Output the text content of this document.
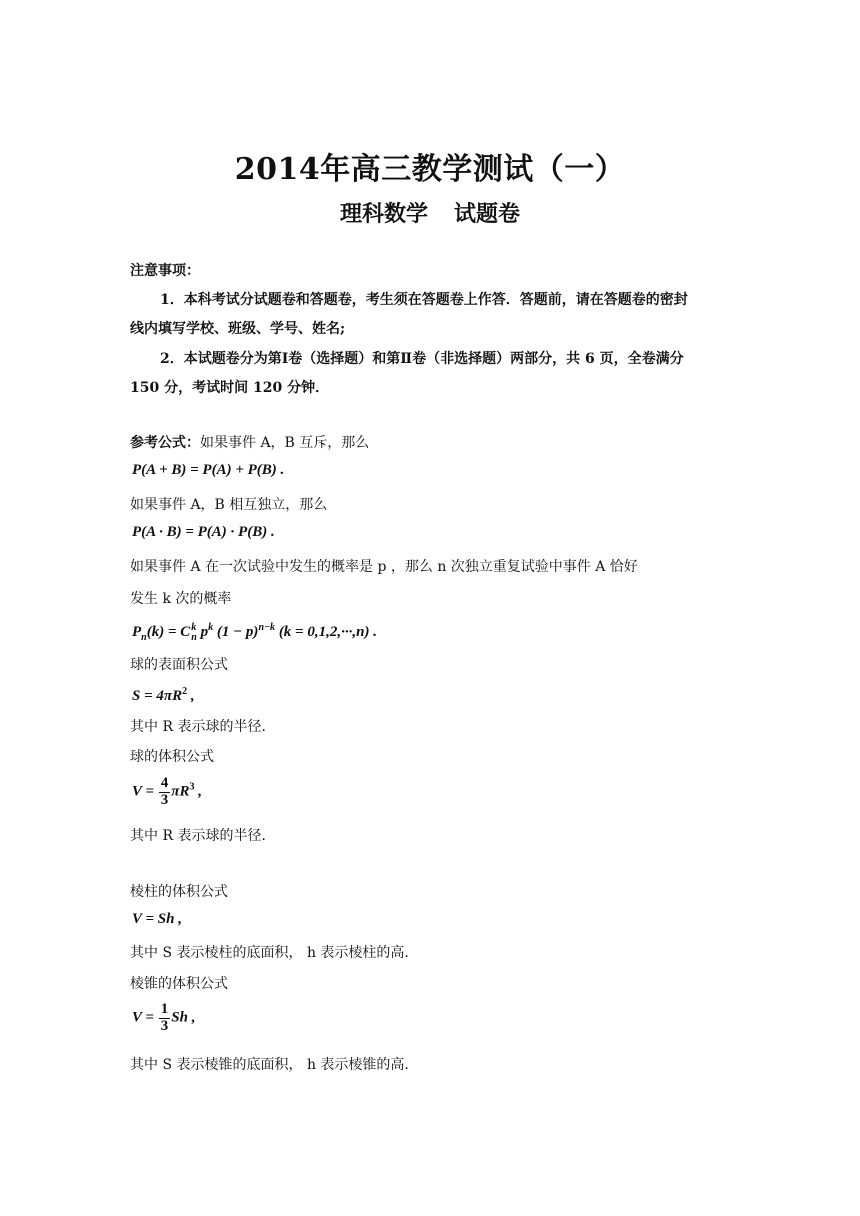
2014年高三教学测试（一）
理科数学 试题卷
注意事项：
1．本科考试分试题卷和答题卷，考生须在答题卷上作答．答题前，请在答题卷的密封
线内填写学校、班级、学号、姓名;
2．本试题卷分为第Ⅰ卷（选择题）和第Ⅱ卷（非选择题）两部分，共 6 页，全卷满分
150 分，考试时间 120 分钟．
参考公式：如果事件 A，B 互斥，那么
P(A + B) = P(A) + P(B) .
如果事件 A，B 相互独立，那么
P(A · B) = P(A) · P(B) .
如果事件 A 在一次试验中发生的概率是 p ，那么 n 次独立重复试验中事件 A 恰好
发生 k 次的概率
$P_n(k) = C$ k
n $p^k$ $(1 - p)^{n-k}$ (k = 0,1,2,···,n) .
球的表面积公式
$S = 4\pi R^2$ ,
其中 R 表示球的半径．
球的体积公式
$V = \frac{4}{3} \pi R^3$ ,
其中 R 表示球的半径．
棱柱的体积公式
V = Sh ,
其中 S 表示棱柱的底面积， h 表示棱柱的高．
棱锥的体积公式
$V = \frac{1}{3}$ Sh ,
其中 S 表示棱锥的底面积， h 表示棱锥的高．
